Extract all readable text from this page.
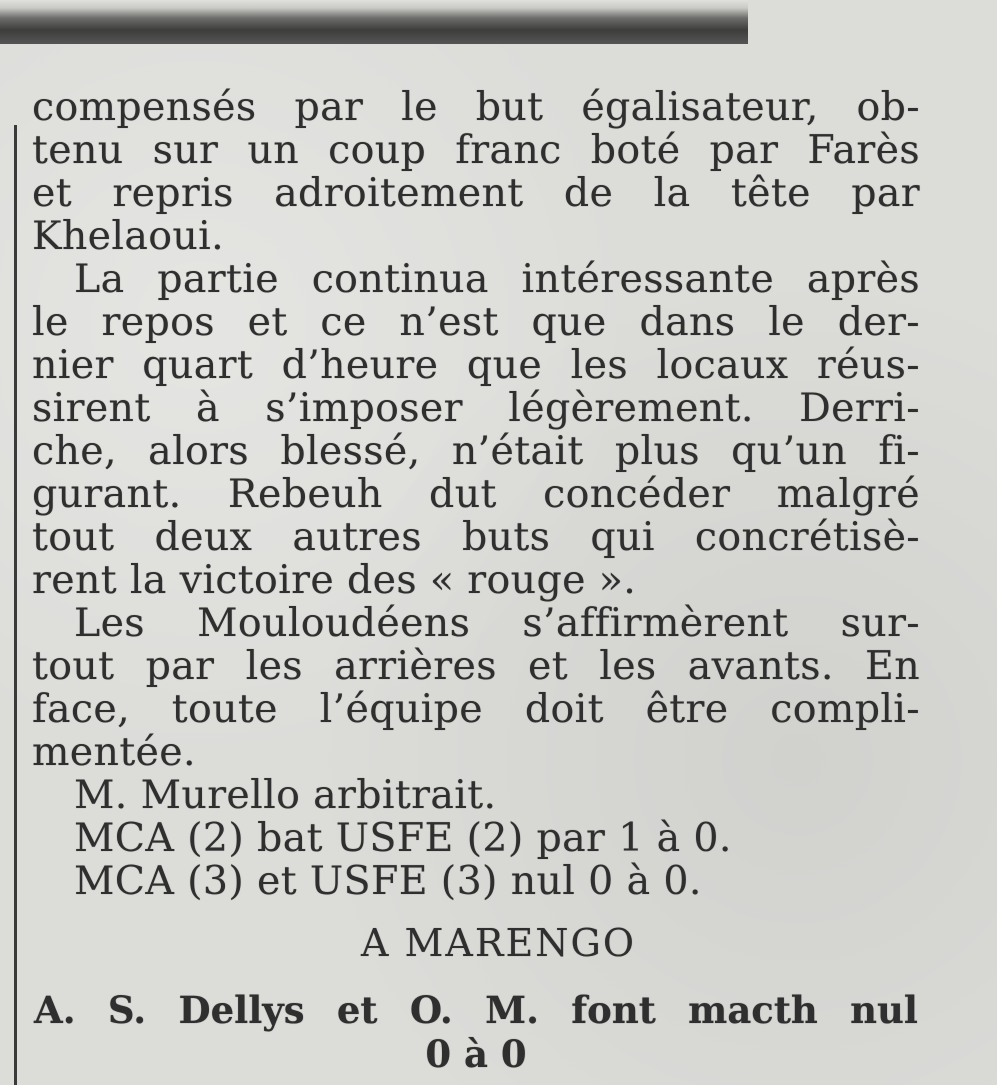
compensés par le but égalisateur, ob-
tenu sur un coup franc boté par Farès
et repris adroitement de la tête par
Khelaoui.
La partie continua intéressante après
le repos et ce n’est que dans le der-
nier quart d’heure que les locaux réus-
sirent à s’imposer légèrement. Derri-
che, alors blessé, n’était plus qu’un fi-
gurant. Rebeuh dut concéder malgré
tout deux autres buts qui concrétisè-
rent la victoire des « rouge ».
Les Mouloudéens s’affirmèrent sur-
tout par les arrières et les avants. En
face, toute l’équipe doit être compli-
mentée.
M. Murello arbitrait.
MCA (2) bat USFE (2) par 1 à 0.
MCA (3) et USFE (3) nul 0 à 0.
A MARENGO
A. S. Dellys et O. M. font macth nul
0 à 0
